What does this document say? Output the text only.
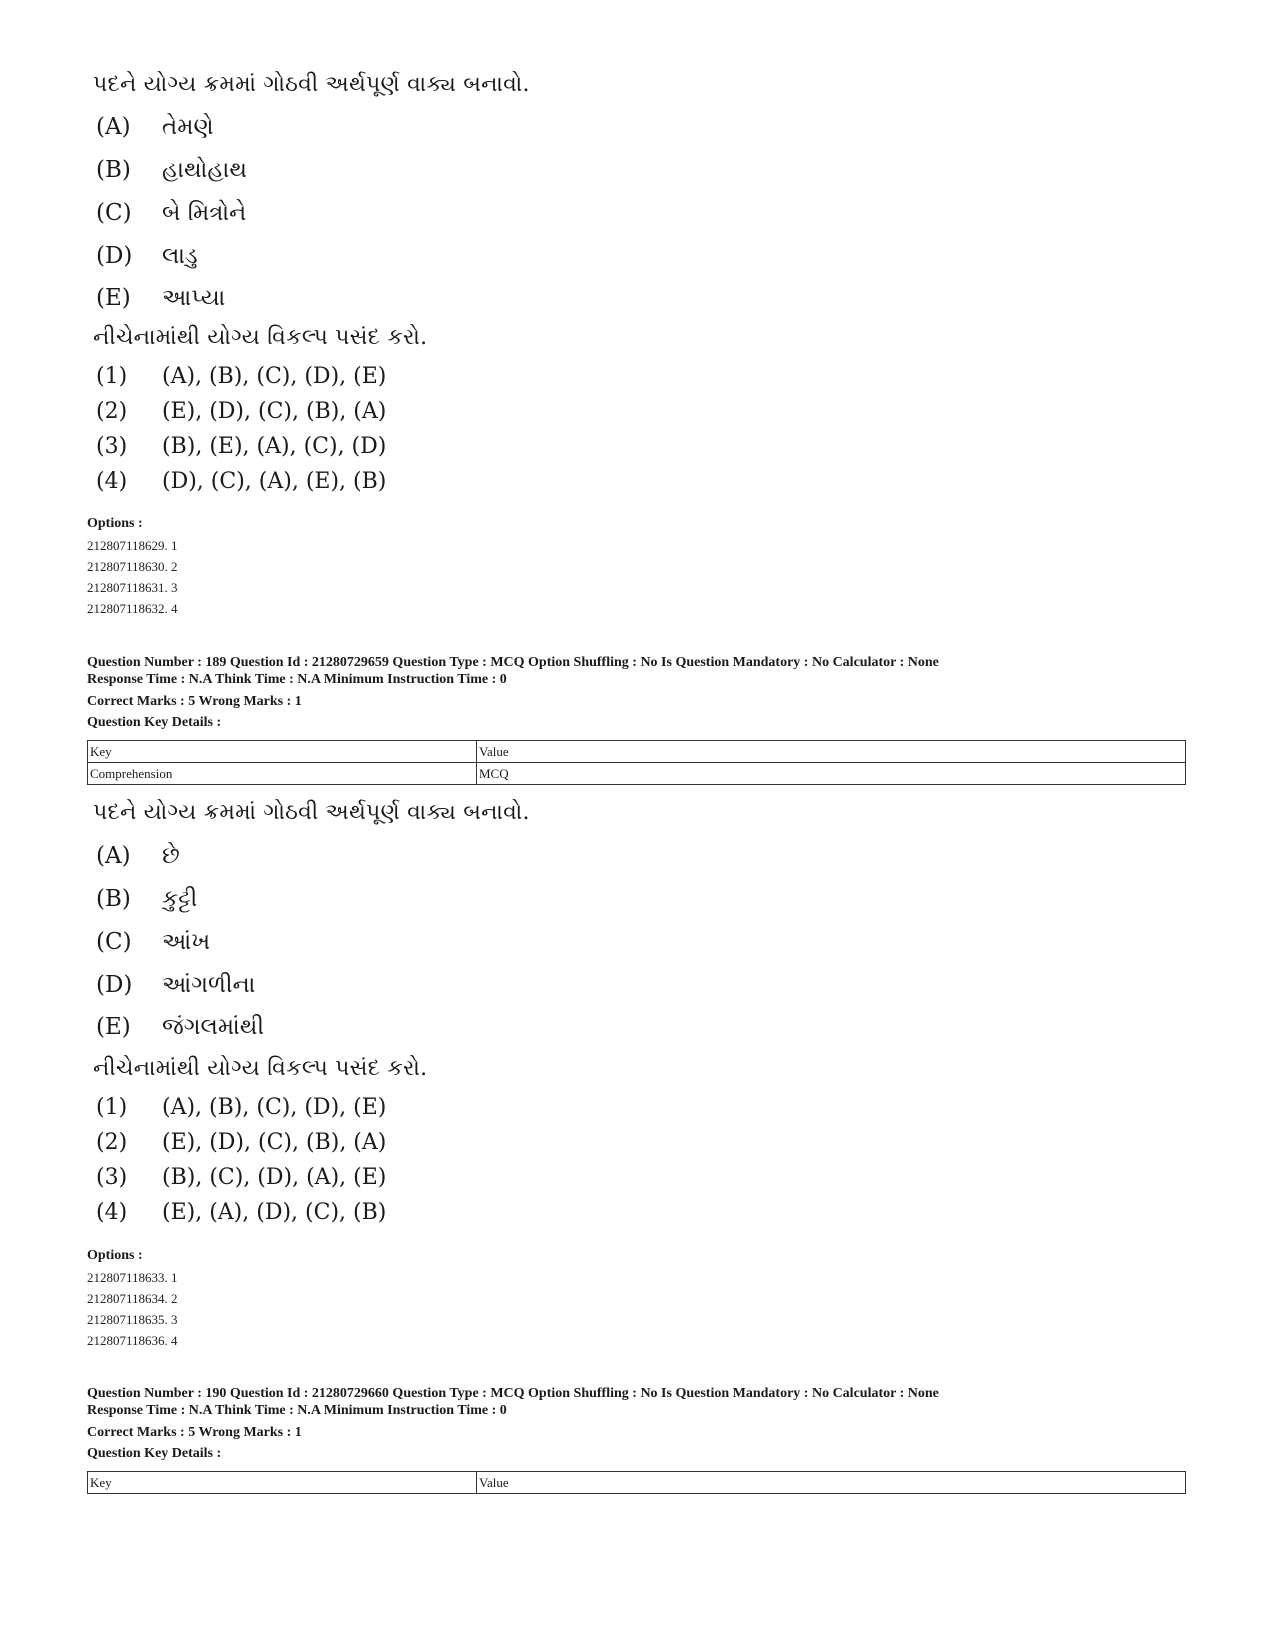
પદને યોગ્ય ક્રમમાં ગોઠવી અર્થપૂર્ણ વાક્ય બનાવો.
(A)	તેમણે
(B)	હાથોહાથ
(C)	બે મિત્રોને
(D)	લાડુ
(E)	આપ્યા
નીચેનામાંથી યોગ્ય વિકલ્પ પસંદ કરો.
(1)	(A), (B), (C), (D), (E)
(2)	(E), (D), (C), (B), (A)
(3)	(B), (E), (A), (C), (D)
(4)	(D), (C), (A), (E), (B)
Options :
212807118629. 1
212807118630. 2
212807118631. 3
212807118632. 4
Question Number : 189 Question Id : 21280729659 Question Type : MCQ Option Shuffling : No Is Question Mandatory : No Calculator : None
Response Time : N.A Think Time : N.A Minimum Instruction Time : 0
Correct Marks : 5 Wrong Marks : 1
Question Key Details :
Key	Value
Comprehension	MCQ
પદને યોગ્ય ક્રમમાં ગોઠવી અર્થપૂર્ણ વાક્ય બનાવો.
(A)	છે
(B)	કુટ્ટી
(C)	આંખ
(D)	આંગળીના
(E)	જંગલમાંથી
નીચેનામાંથી યોગ્ય વિકલ્પ પસંદ કરો.
(1)	(A), (B), (C), (D), (E)
(2)	(E), (D), (C), (B), (A)
(3)	(B), (C), (D), (A), (E)
(4)	(E), (A), (D), (C), (B)
Options :
212807118633. 1
212807118634. 2
212807118635. 3
212807118636. 4
Question Number : 190 Question Id : 21280729660 Question Type : MCQ Option Shuffling : No Is Question Mandatory : No Calculator : None
Response Time : N.A Think Time : N.A Minimum Instruction Time : 0
Correct Marks : 5 Wrong Marks : 1
Question Key Details :
Key	Value
